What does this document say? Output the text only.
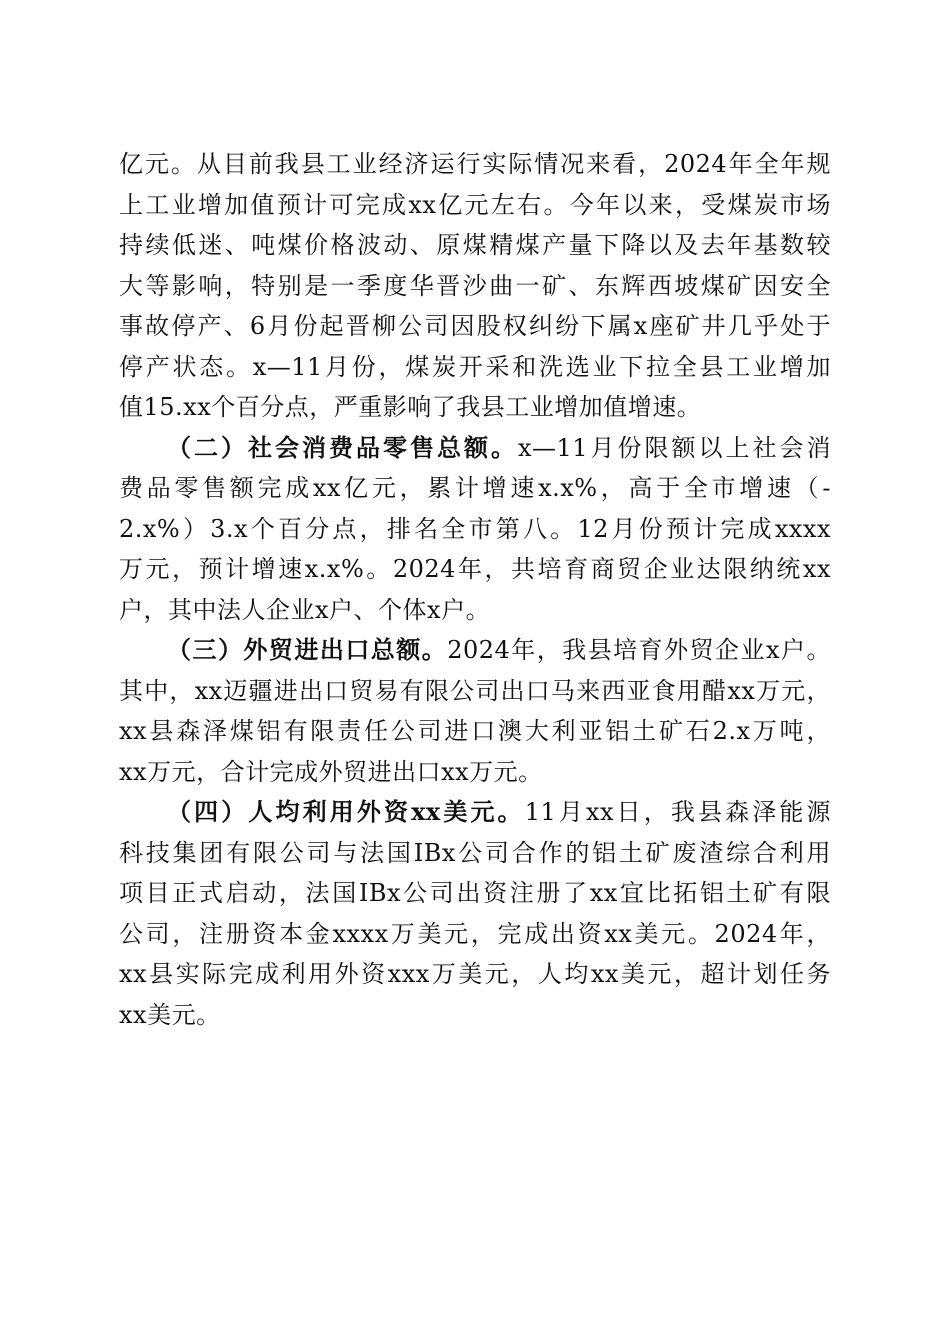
亿元。从目前我县工业经济运行实际情况来看，2024年全年规
上工业增加值预计可完成xx亿元左右。今年以来，受煤炭市场
持续低迷、吨煤价格波动、原煤精煤产量下降以及去年基数较
大等影响，特别是一季度华晋沙曲一矿、东辉西坡煤矿因安全
事故停产、6月份起晋柳公司因股权纠纷下属x座矿井几乎处于
停产状态。x—11月份，煤炭开采和洗选业下拉全县工业增加
值15.xx个百分点，严重影响了我县工业增加值增速。
（二）社会消费品零售总额。x—11月份限额以上社会消
费品零售额完成xx亿元，累计增速x.x%，高于全市增速（-
2.x%）3.x个百分点，排名全市第八。12月份预计完成xxxx
万元，预计增速x.x%。2024年，共培育商贸企业达限纳统xx
户，其中法人企业x户、个体x户。
（三）外贸进出口总额。2024年，我县培育外贸企业x户。
其中，xx迈疆进出口贸易有限公司出口马来西亚食用醋xx万元，
xx县森泽煤铝有限责任公司进口澳大利亚铝土矿石2.x万吨，
xx万元，合计完成外贸进出口xx万元。
（四）人均利用外资xx美元。11月xx日，我县森泽能源
科技集团有限公司与法国IBx公司合作的铝土矿废渣综合利用
项目正式启动，法国IBx公司出资注册了xx宜比拓铝土矿有限
公司，注册资本金xxxx万美元，完成出资xx美元。2024年，
xx县实际完成利用外资xxx万美元，人均xx美元，超计划任务
xx美元。
